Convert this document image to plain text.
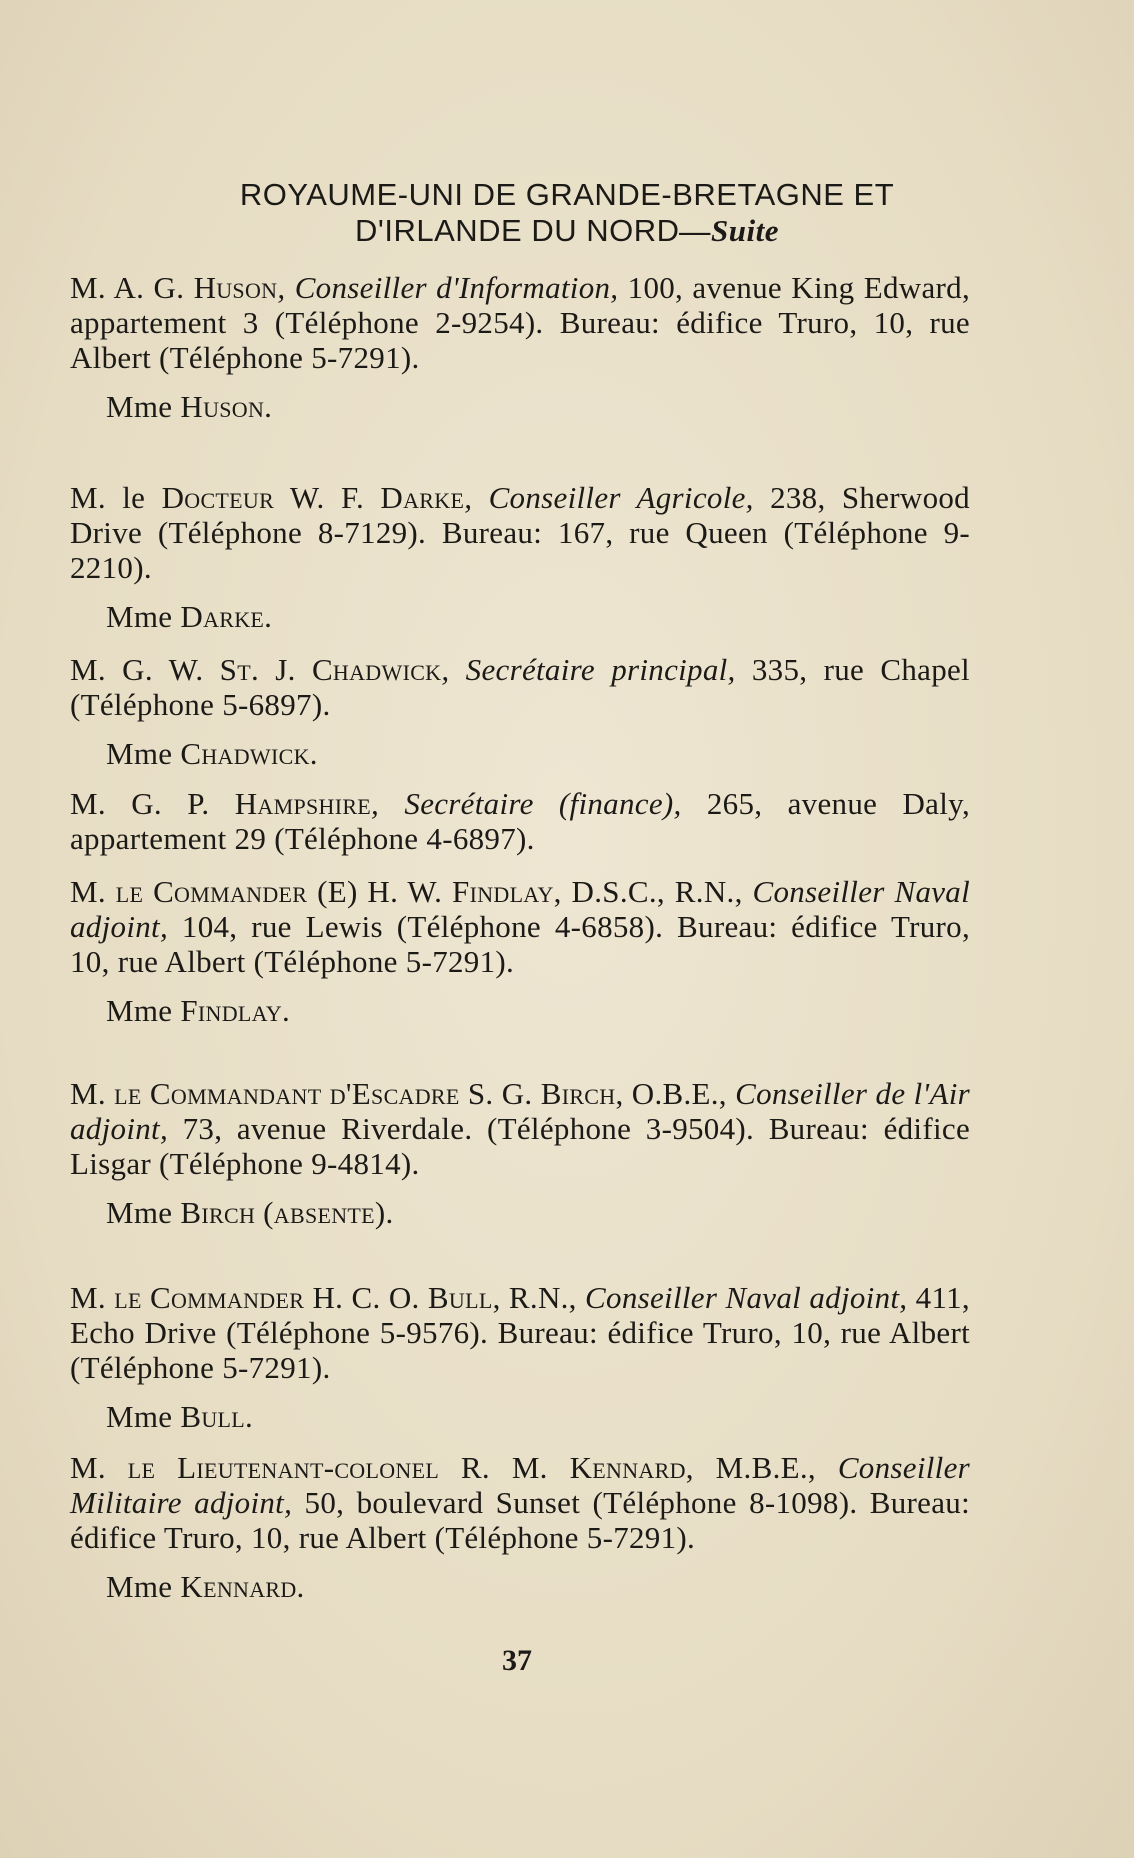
ROYAUME-UNI DE GRANDE-BRETAGNE ET
D'IRLANDE DU NORD—Suite

M. A. G. Huson, Conseiller d'Information, 100, avenue King Edward, appartement 3 (Téléphone 2-9254). Bureau: édifice Truro, 10, rue Albert (Téléphone 5-7291).

Mme Huson.

M. le Docteur W. F. Darke, Conseiller Agricole, 238, Sherwood Drive (Téléphone 8-7129). Bureau: 167, rue Queen (Téléphone 9-2210).

Mme Darke.

M. G. W. St. J. Chadwick, Secrétaire principal, 335, rue Chapel (Téléphone 5-6897).

Mme Chadwick.

M. G. P. Hampshire, Secrétaire (finance), 265, avenue Daly, appartement 29 (Téléphone 4-6897).

M. le Commander (E) H. W. Findlay, D.S.C., R.N., Conseiller Naval adjoint, 104, rue Lewis (Téléphone 4-6858). Bureau: édifice Truro, 10, rue Albert (Téléphone 5-7291).

Mme Findlay.

M. le Commandant d'Escadre S. G. Birch, O.B.E., Conseiller de l'Air adjoint, 73, avenue Riverdale. (Téléphone 3-9504). Bureau: édifice Lisgar (Téléphone 9-4814).

Mme Birch (absente).

M. le Commander H. C. O. Bull, R.N., Conseiller Naval adjoint, 411, Echo Drive (Téléphone 5-9576). Bureau: édifice Truro, 10, rue Albert (Téléphone 5-7291).

Mme Bull.

M. le Lieutenant-colonel R. M. Kennard, M.B.E., Conseiller Militaire adjoint, 50, boulevard Sunset (Téléphone 8-1098). Bureau: édifice Truro, 10, rue Albert (Téléphone 5-7291).

Mme Kennard.

37
